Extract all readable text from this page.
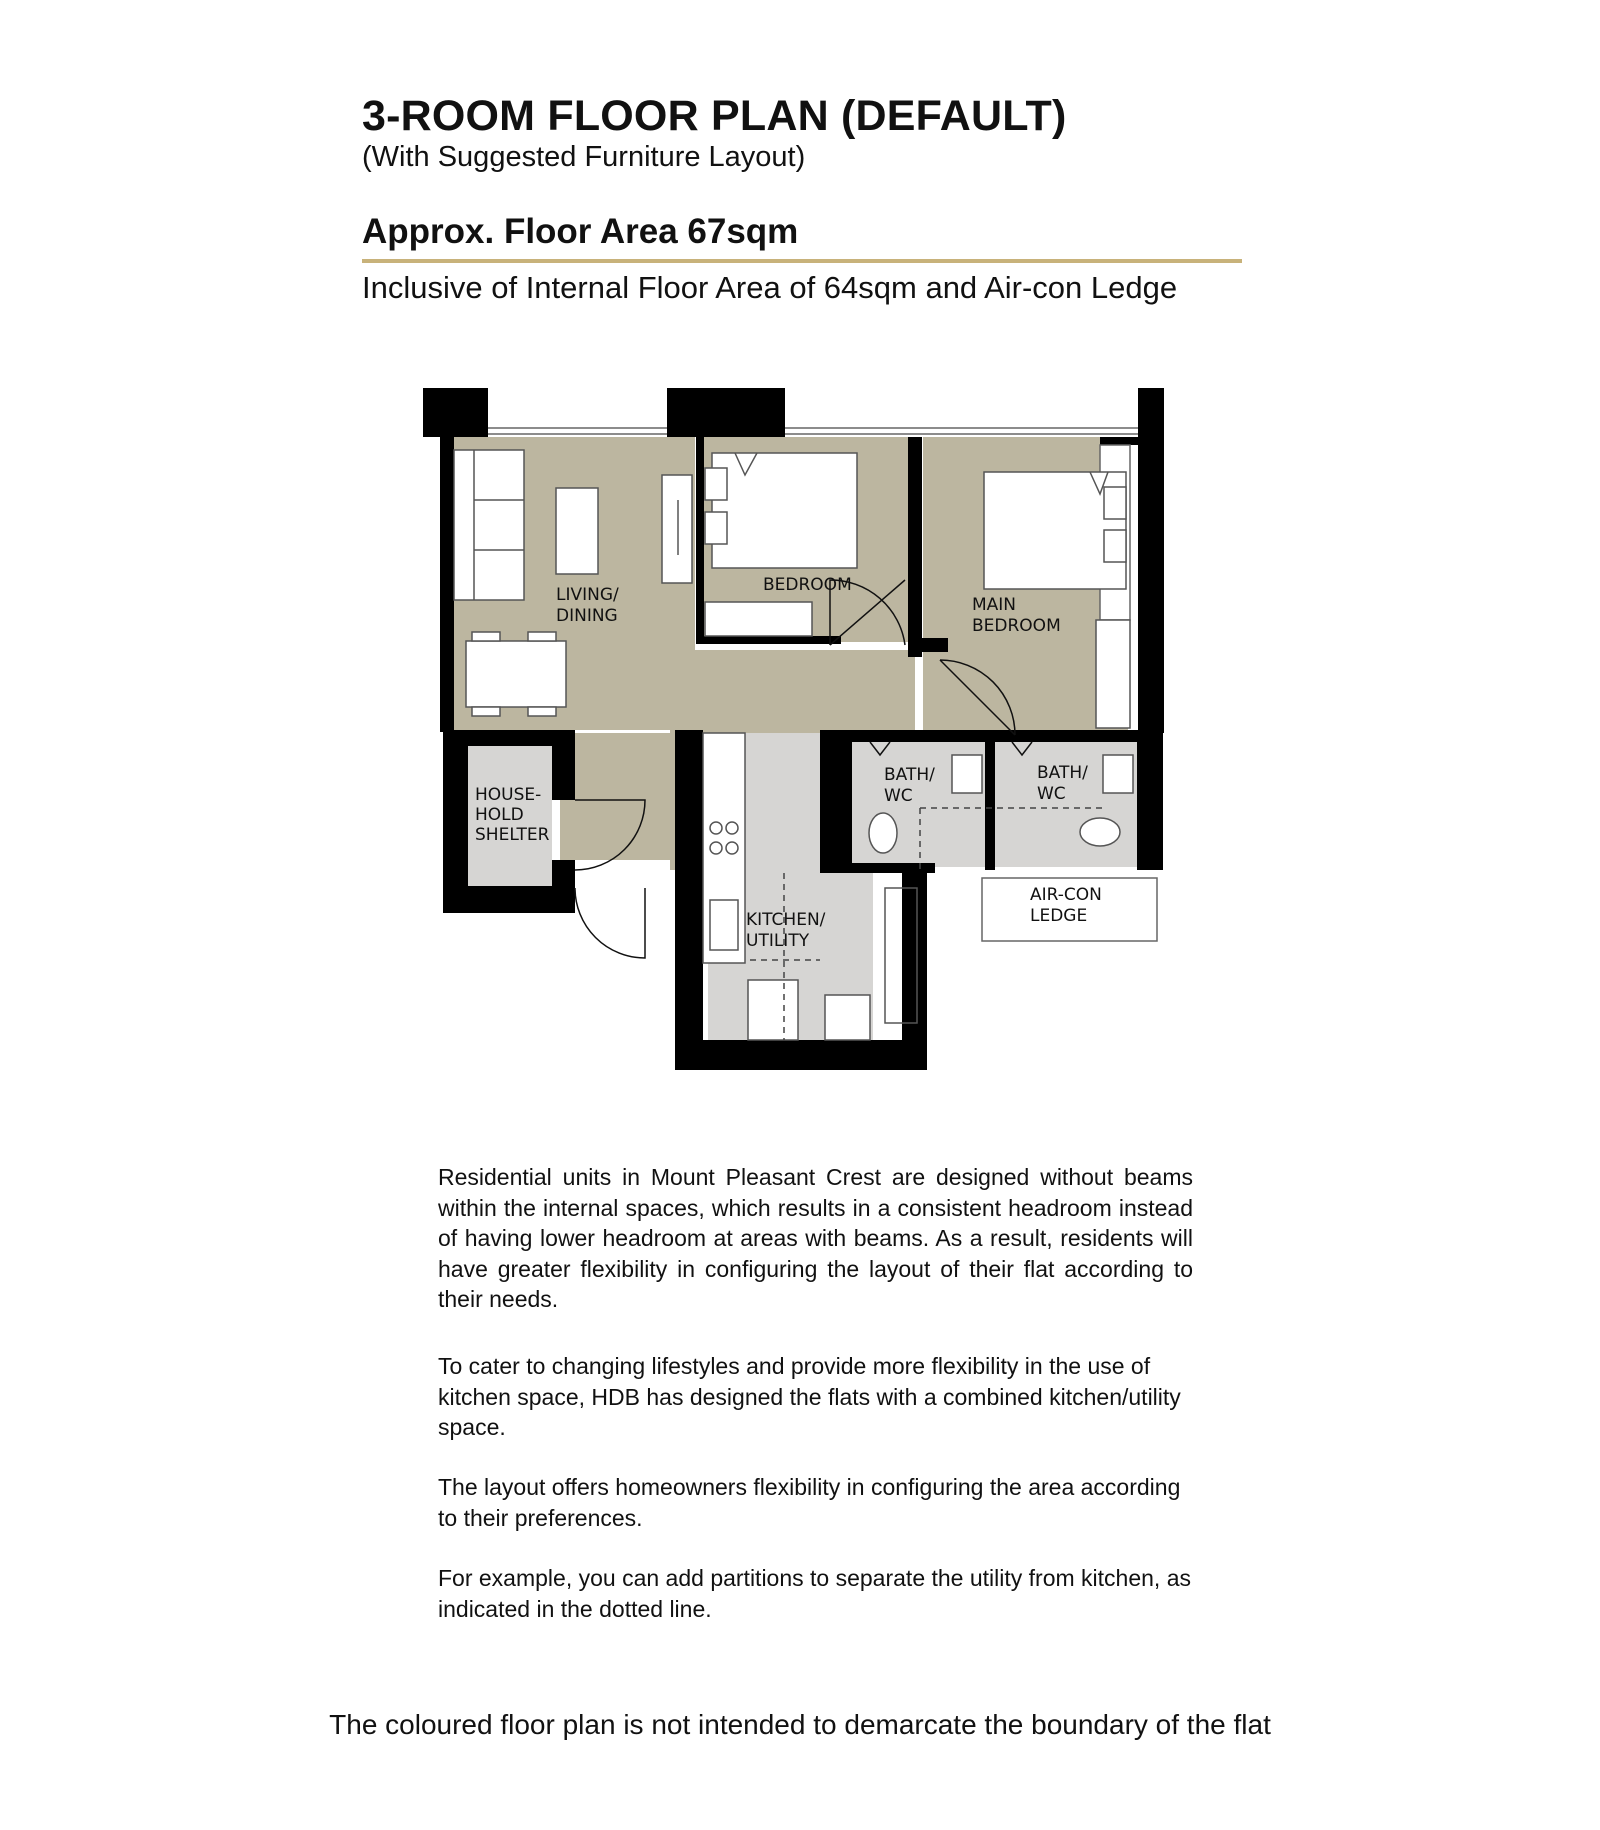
3-ROOM FLOOR PLAN (DEFAULT)

(With Suggested Furniture Layout)

Approx. Floor Area 67sqm

Inclusive of Internal Floor Area of 64sqm and Air-con Ledge

LIVING/
DINING
BEDROOM
MAIN
BEDROOM
HOUSE-
HOLD
SHELTER
BATH/
WC
BATH/
WC
KITCHEN/
UTILITY
AIR-CON
LEDGE

Residential units in Mount Pleasant Crest are designed without beams within the internal spaces, which results in a consistent headroom instead of having lower headroom at areas with beams. As a result, residents will have greater flexibility in configuring the layout of their flat according to their needs.

To cater to changing lifestyles and provide more flexibility in the use of kitchen space, HDB has designed the flats with a combined kitchen/utility space.

The layout offers homeowners flexibility in configuring the area according to their preferences.

For example, you can add partitions to separate the utility from kitchen, as indicated in the dotted line.

The coloured floor plan is not intended to demarcate the boundary of the flat
